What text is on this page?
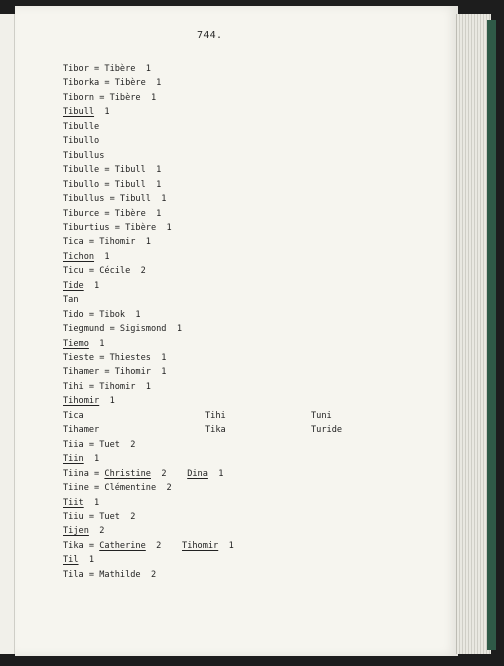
744.
Tibor = Tibère  1
Tiborka = Tibère  1
Tiborn = Tibère  1
Tibull  1
Tibulle
Tibullo
Tibullus
Tibulle = Tibull  1
Tibullo = Tibull  1
Tibullus = Tibull  1
Tiburce = Tibère  1
Tiburtius = Tibère  1
Tica = Tihomir  1
Tichon  1
Ticu = Cécile  2
Tide  1
Tan
Tido = Tibok  1
Tiegmund = Sigismond  1
Tiemo  1
Tieste = Thiestes  1
Tihamer = Tihomir  1
Tihi = Tihomir  1
Tihomir  1
Tica
Tihamer
Tiia = Tuet  2
Tiin  1
Tiina = Christine  2    Dina  1
Tiine = Clémentine  2
Tiit  1
Tiiu = Tuet  2
Tijen  2
Tika = Catherine  2    Tihomir  1
Til  1
Tila = Mathilde  2
Tihi
Tika
Tuni
Turide
